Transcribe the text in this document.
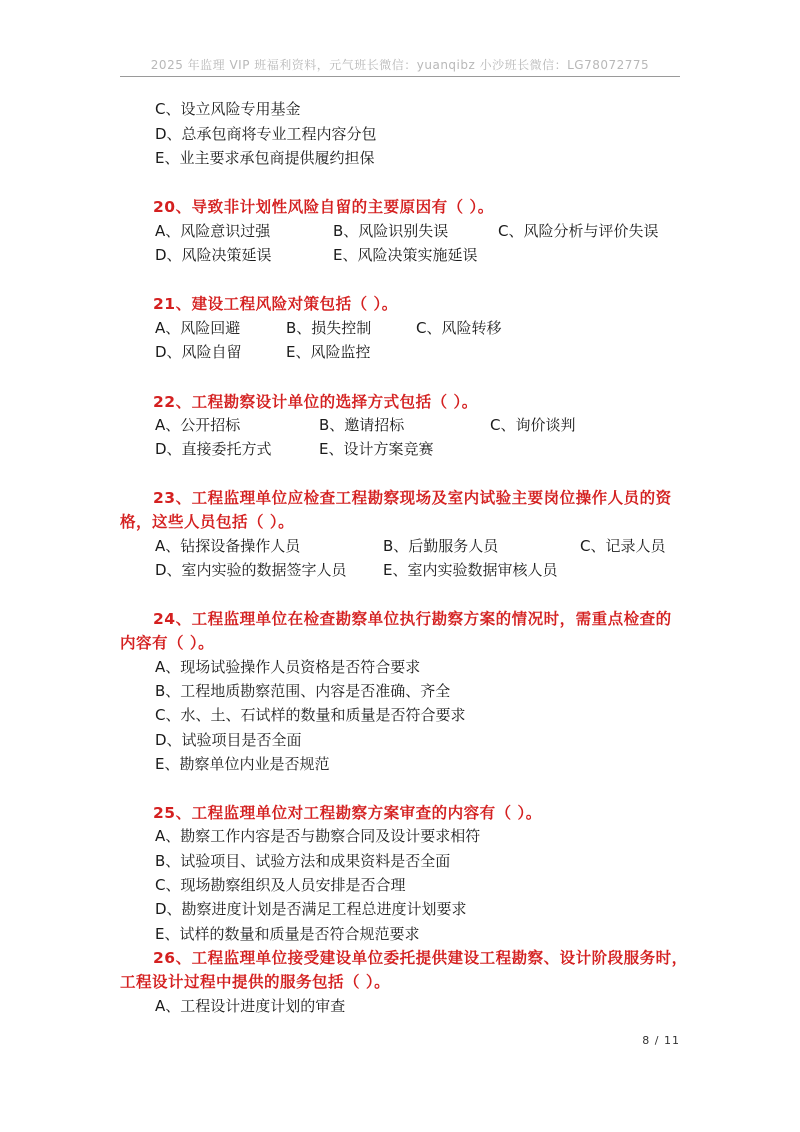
2025 年监理 VIP 班福利资料，元气班长微信：yuanqibz 小沙班长微信：LG78072775
C、设立风险专用基金
D、总承包商将专业工程内容分包
E、业主要求承包商提供履约担保
20、导致非计划性风险自留的主要原因有（ ）。
A、风险意识过强	B、风险识别失误	C、风险分析与评价失误
D、风险决策延误	E、风险决策实施延误
21、建设工程风险对策包括（ ）。
A、风险回避	B、损失控制	C、风险转移
D、风险自留	E、风险监控
22、工程勘察设计单位的选择方式包括（ ）。
A、公开招标	B、邀请招标	C、询价谈判
D、直接委托方式	E、设计方案竞赛
23、工程监理单位应检查工程勘察现场及室内试验主要岗位操作人员的资
格，这些人员包括（ ）。
A、钻探设备操作人员	B、后勤服务人员	C、记录人员
D、室内实验的数据签字人员 E、室内实验数据审核人员
24、工程监理单位在检查勘察单位执行勘察方案的情况时，需重点检查的
内容有（ ）。
A、现场试验操作人员资格是否符合要求
B、工程地质勘察范围、内容是否准确、齐全
C、水、土、石试样的数量和质量是否符合要求
D、试验项目是否全面
E、勘察单位内业是否规范
25、工程监理单位对工程勘察方案审查的内容有（ ）。
A、勘察工作内容是否与勘察合同及设计要求相符
B、试验项目、试验方法和成果资料是否全面
C、现场勘察组织及人员安排是否合理
D、勘察进度计划是否满足工程总进度计划要求
E、试样的数量和质量是否符合规范要求
26、工程监理单位接受建设单位委托提供建设工程勘察、设计阶段服务时，
工程设计过程中提供的服务包括（ ）。
A、工程设计进度计划的审查
8 / 11
